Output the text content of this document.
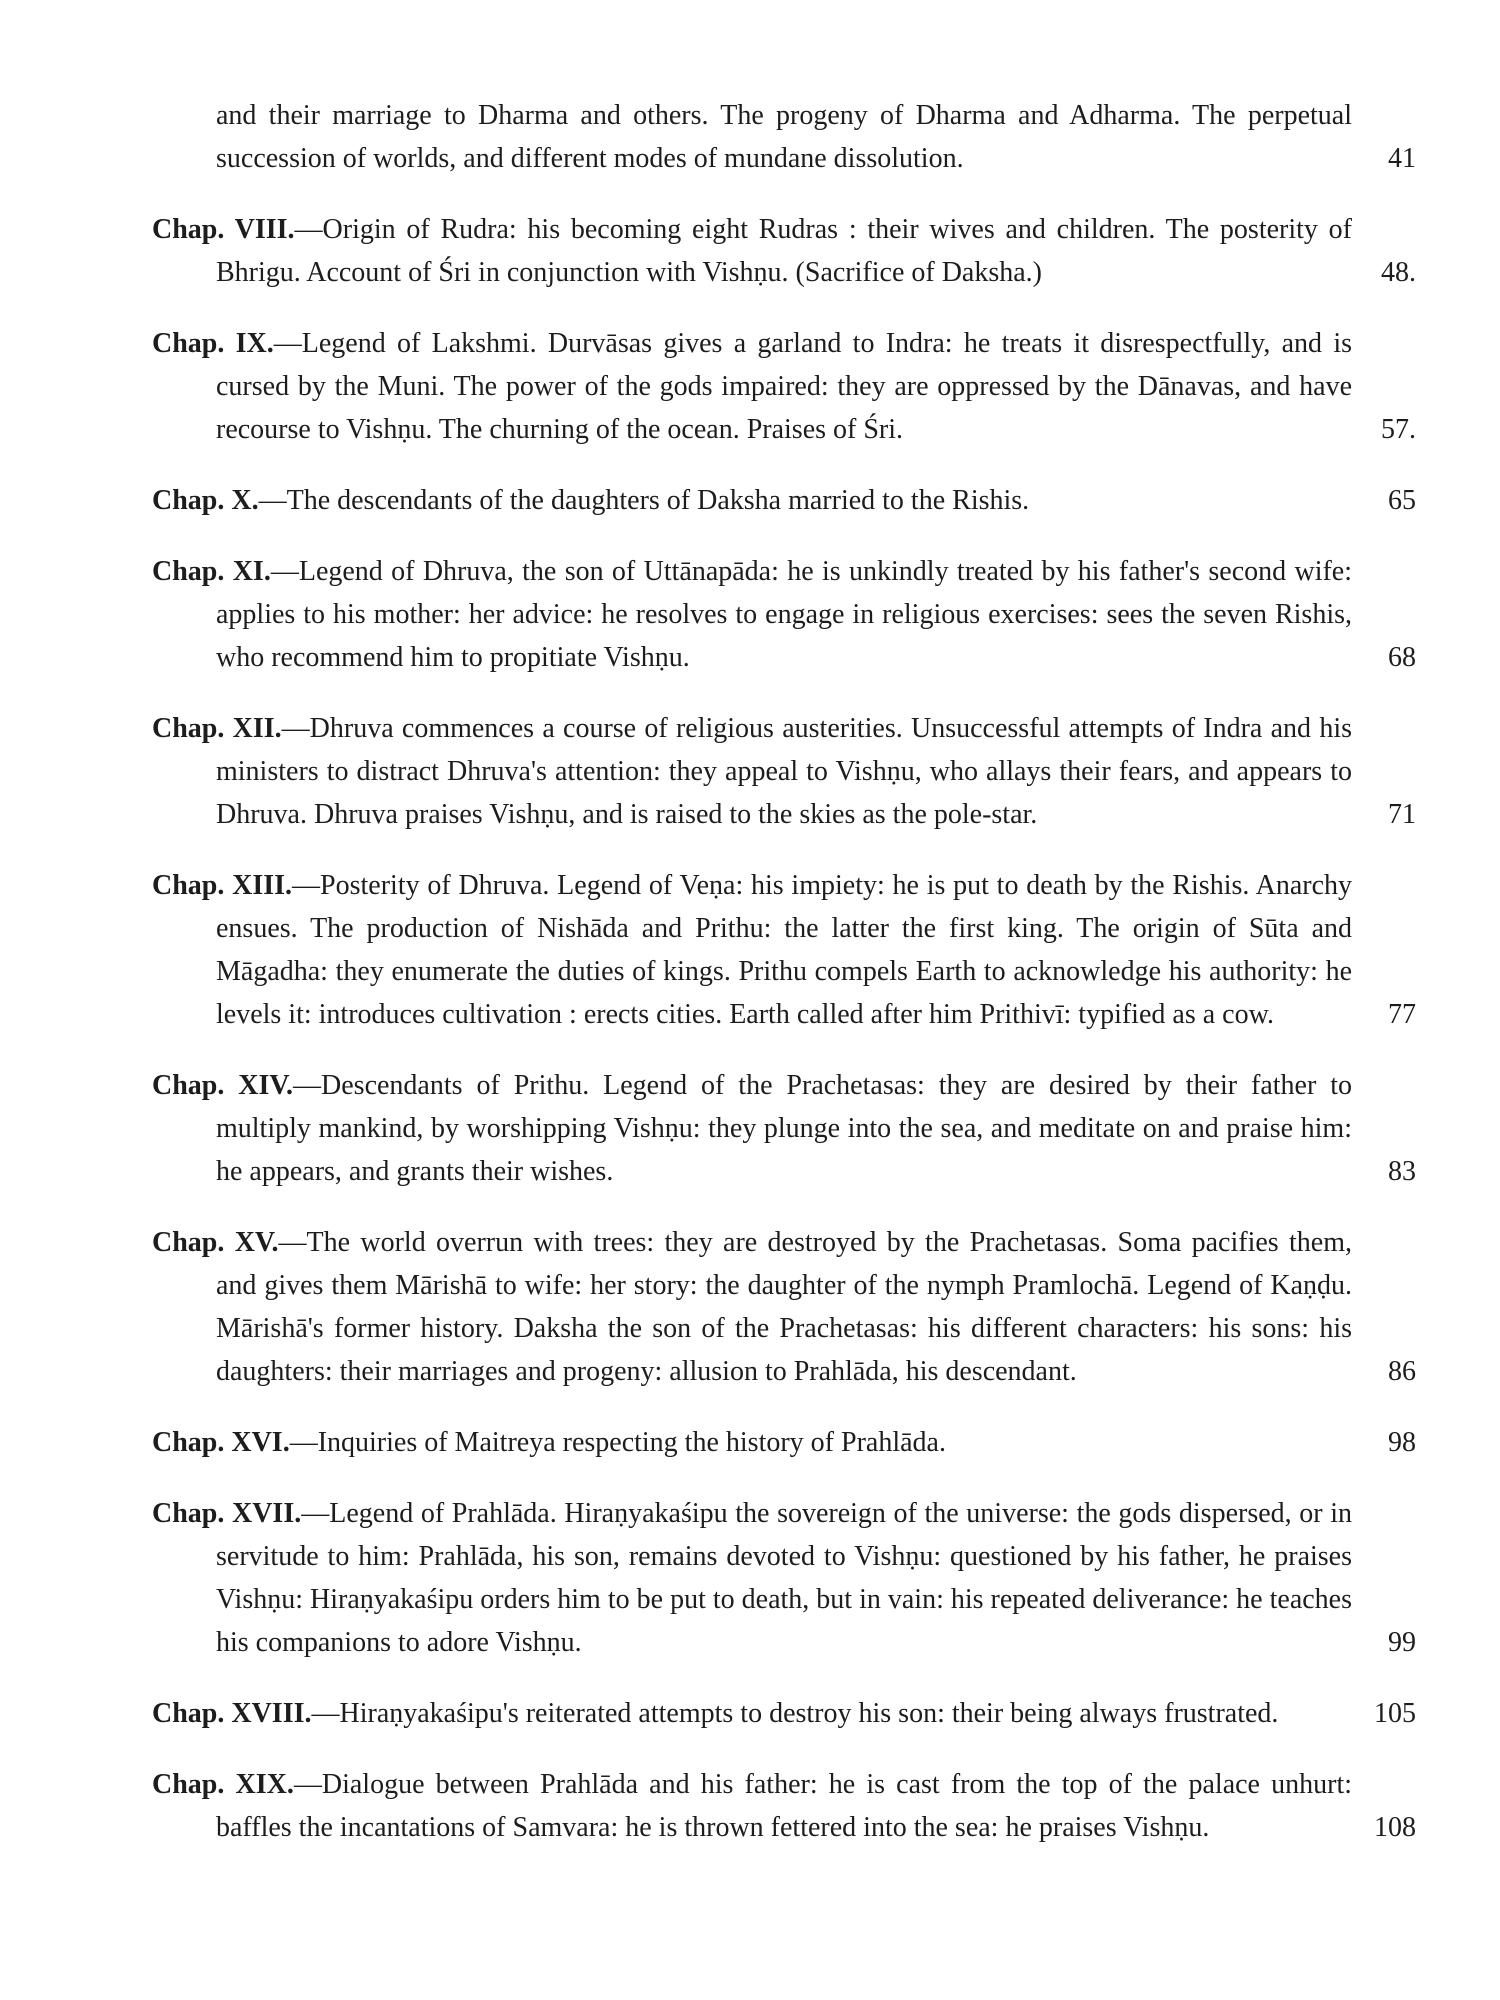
and their marriage to Dharma and others. The progeny of Dharma and Adharma. The perpetual succession of worlds, and different modes of mundane dissolution.	41

Chap. VIII.—Origin of Rudra: his becoming eight Rudras : their wives and children. The posterity of Bhrigu. Account of Śri in conjunction with Vishṇu. (Sacrifice of Daksha.)	48.

Chap. IX.—Legend of Lakshmi. Durvāsas gives a garland to Indra: he treats it disrespectfully, and is cursed by the Muni. The power of the gods impaired: they are oppressed by the Dānavas, and have recourse to Vishṇu. The churning of the ocean. Praises of Śri.	57.

Chap. X.—The descendants of the daughters of Daksha married to the Rishis.	65

Chap. XI.—Legend of Dhruva, the son of Uttānapāda: he is unkindly treated by his father's second wife: applies to his mother: her advice: he resolves to engage in religious exercises: sees the seven Rishis, who recommend him to propitiate Vishṇu.	68

Chap. XII.—Dhruva commences a course of religious austerities. Unsuccessful attempts of Indra and his ministers to distract Dhruva's attention: they appeal to Vishṇu, who allays their fears, and appears to Dhruva. Dhruva praises Vishṇu, and is raised to the skies as the pole-star.	71

Chap. XIII.—Posterity of Dhruva. Legend of Veṇa: his impiety: he is put to death by the Rishis. Anarchy ensues. The production of Nishāda and Prithu: the latter the first king. The origin of Sūta and Māgadha: they enumerate the duties of kings. Prithu compels Earth to acknowledge his authority: he levels it: introduces cultivation : erects cities. Earth called after him Prithivī: typified as a cow.	77

Chap. XIV.—Descendants of Prithu. Legend of the Prachetasas: they are desired by their father to multiply mankind, by worshipping Vishṇu: they plunge into the sea, and meditate on and praise him: he appears, and grants their wishes.	83

Chap. XV.—The world overrun with trees: they are destroyed by the Prachetasas. Soma pacifies them, and gives them Mārishā to wife: her story: the daughter of the nymph Pramlochā. Legend of Kaṇḍu. Mārishā's former history. Daksha the son of the Prachetasas: his different characters: his sons: his daughters: their marriages and progeny: allusion to Prahlāda, his descendant.	86

Chap. XVI.—Inquiries of Maitreya respecting the history of Prahlāda.	98

Chap. XVII.—Legend of Prahlāda. Hiraṇyakaśipu the sovereign of the universe: the gods dispersed, or in servitude to him: Prahlāda, his son, remains devoted to Vishṇu: questioned by his father, he praises Vishṇu: Hiraṇyakaśipu orders him to be put to death, but in vain: his repeated deliverance: he teaches his companions to adore Vishṇu.	99

Chap. XVIII.—Hiraṇyakaśipu's reiterated attempts to destroy his son: their being always frustrated.	105

Chap. XIX.—Dialogue between Prahlāda and his father: he is cast from the top of the palace unhurt: baffles the incantations of Samvara: he is thrown fettered into the sea: he praises Vishṇu.	108
